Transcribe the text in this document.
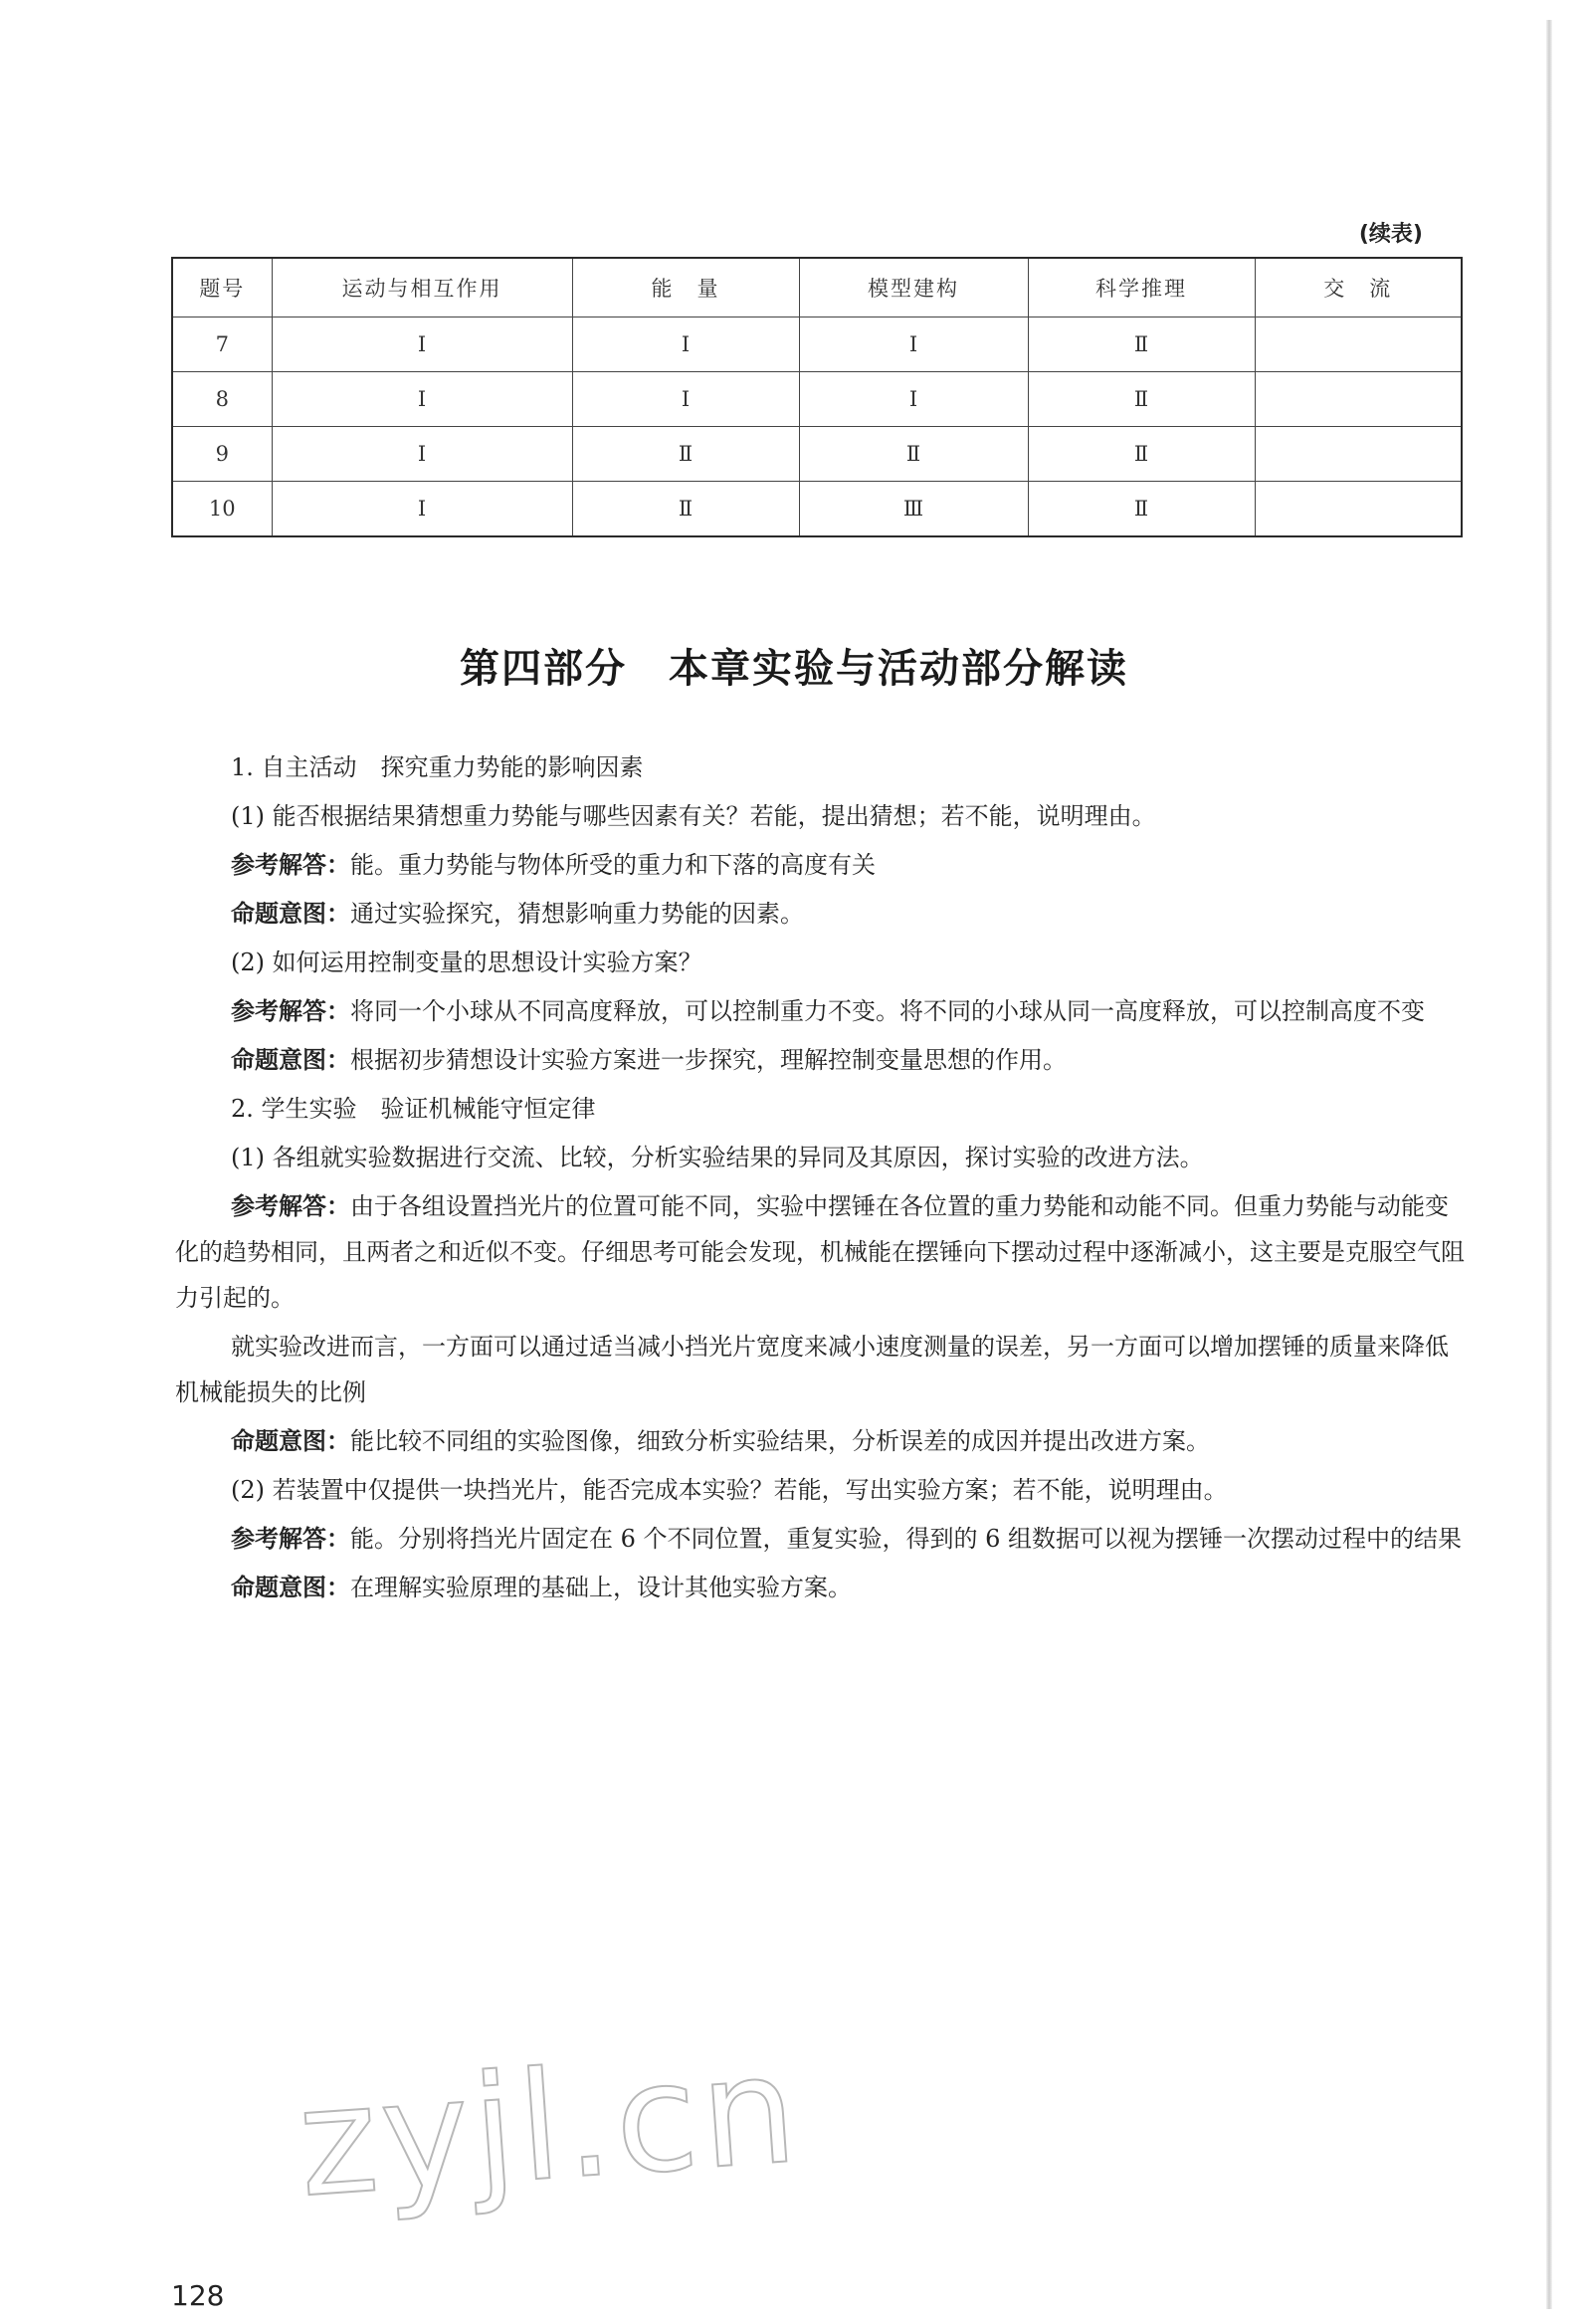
(续表)
题号	运动与相互作用	能　量	模型建构	科学推理	交　流
7	Ⅰ	Ⅰ	Ⅰ	Ⅱ	
8	Ⅰ	Ⅰ	Ⅰ	Ⅱ	
9	Ⅰ	Ⅱ	Ⅱ	Ⅱ	
10	Ⅰ	Ⅱ	Ⅲ	Ⅱ	
第四部分　本章实验与活动部分解读

1. 自主活动　探究重力势能的影响因素

(1) 能否根据结果猜想重力势能与哪些因素有关？若能，提出猜想；若不能，说明理由。

参考解答：能。重力势能与物体所受的重力和下落的高度有关

命题意图：通过实验探究，猜想影响重力势能的因素。

(2) 如何运用控制变量的思想设计实验方案？

参考解答：将同一个小球从不同高度释放，可以控制重力不变。将不同的小球从同一高度释放，可以控制高度不变

命题意图：根据初步猜想设计实验方案进一步探究，理解控制变量思想的作用。

2. 学生实验　验证机械能守恒定律

(1) 各组就实验数据进行交流、比较，分析实验结果的异同及其原因，探讨实验的改进方法。

参考解答：由于各组设置挡光片的位置可能不同，实验中摆锤在各位置的重力势能和动能不同。但重力势能与动能变化的趋势相同，且两者之和近似不变。仔细思考可能会发现，机械能在摆锤向下摆动过程中逐渐减小，这主要是克服空气阻力引起的。

就实验改进而言，一方面可以通过适当减小挡光片宽度来减小速度测量的误差，另一方面可以增加摆锤的质量来降低机械能损失的比例

命题意图：能比较不同组的实验图像，细致分析实验结果，分析误差的成因并提出改进方案。

(2) 若装置中仅提供一块挡光片，能否完成本实验？若能，写出实验方案；若不能，说明理由。

参考解答：能。分别将挡光片固定在 6 个不同位置，重复实验，得到的 6 组数据可以视为摆锤一次摆动过程中的结果

命题意图：在理解实验原理的基础上，设计其他实验方案。

zyjl.cn
128
